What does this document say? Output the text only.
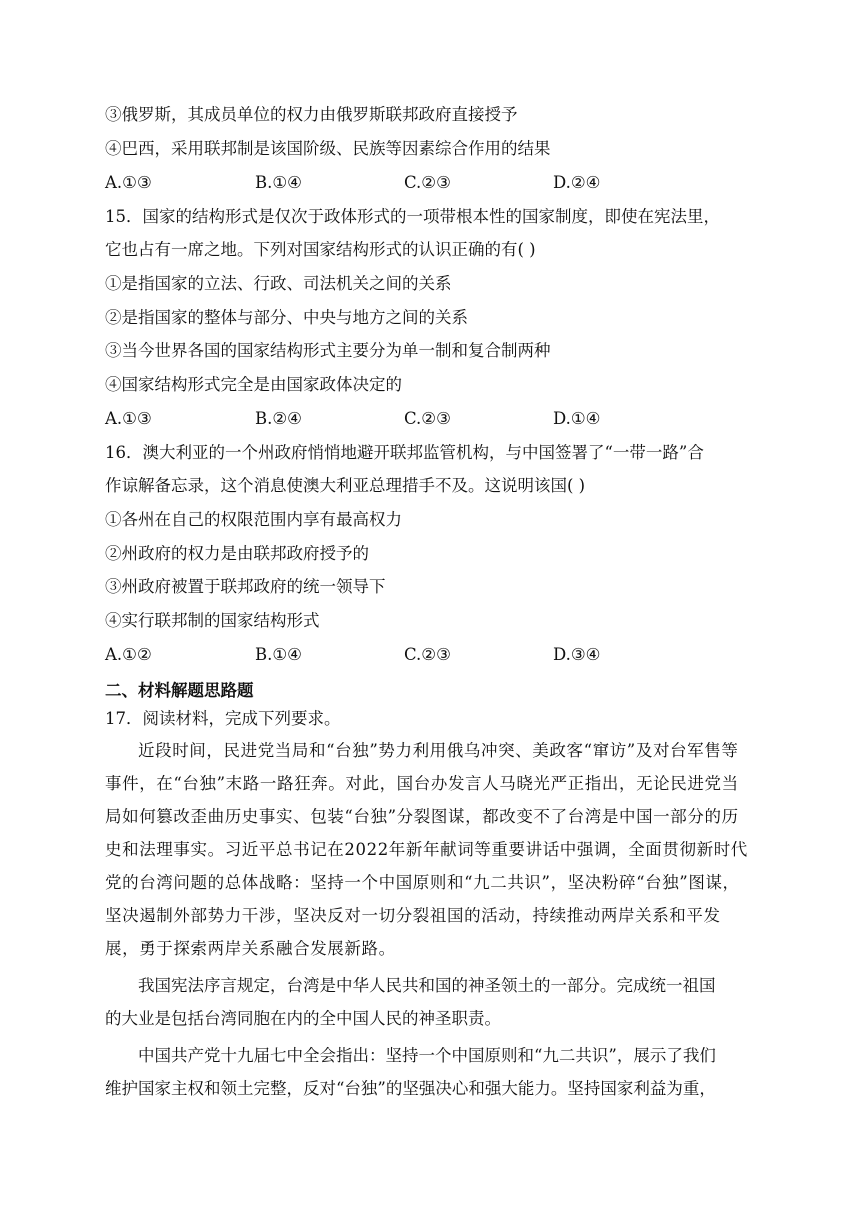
③俄罗斯，其成员单位的权力由俄罗斯联邦政府直接授予
④巴西，采用联邦制是该国阶级、民族等因素综合作用的结果
A.①③	B.①④	C.②③	D.②④
15．国家的结构形式是仅次于政体形式的一项带根本性的国家制度，即使在宪法里，
它也占有一席之地。下列对国家结构形式的认识正确的有( )
①是指国家的立法、行政、司法机关之间的关系
②是指国家的整体与部分、中央与地方之间的关系
③当今世界各国的国家结构形式主要分为单一制和复合制两种
④国家结构形式完全是由国家政体决定的
A.①③	B.②④	C.②③	D.①④
16．澳大利亚的一个州政府悄悄地避开联邦监管机构，与中国签署了“一带一路”合
作谅解备忘录，这个消息使澳大利亚总理措手不及。这说明该国( )
①各州在自己的权限范围内享有最高权力
②州政府的权力是由联邦政府授予的
③州政府被置于联邦政府的统一领导下
④实行联邦制的国家结构形式
A.①②	B.①④	C.②③	D.③④
二、材料解题思路题
17．阅读材料，完成下列要求。
近段时间，民进党当局和“台独”势力利用俄乌冲突、美政客“窜访”及对台军售等
事件，在“台独”末路一路狂奔。对此，国台办发言人马晓光严正指出，无论民进党当
局如何篡改歪曲历史事实、包装“台独”分裂图谋，都改变不了台湾是中国一部分的历
史和法理事实。习近平总书记在2022年新年献词等重要讲话中强调，全面贯彻新时代
党的台湾问题的总体战略：坚持一个中国原则和“九二共识”，坚决粉碎“台独”图谋，
坚决遏制外部势力干涉，坚决反对一切分裂祖国的活动，持续推动两岸关系和平发
展，勇于探索两岸关系融合发展新路。
我国宪法序言规定，台湾是中华人民共和国的神圣领土的一部分。完成统一祖国
的大业是包括台湾同胞在内的全中国人民的神圣职责。
中国共产党十九届七中全会指出：坚持一个中国原则和“九二共识”，展示了我们
维护国家主权和领土完整，反对“台独”的坚强决心和强大能力。坚持国家利益为重，
